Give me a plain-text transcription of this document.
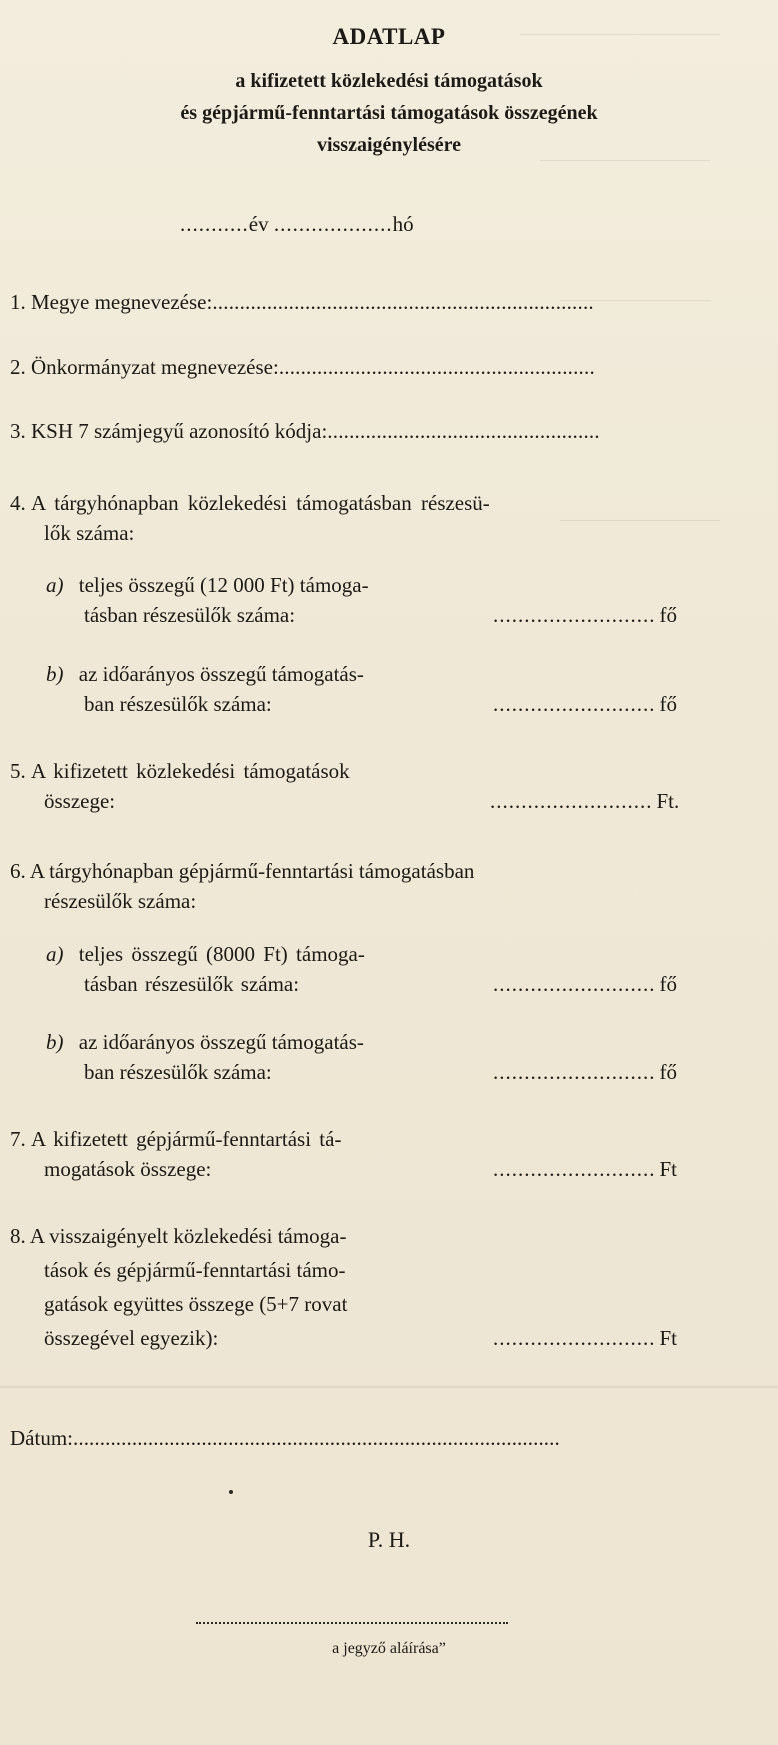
ADATLAP
a kifizetett közlekedési támogatások
és gépjármű-fenntartási támogatások összegének
visszaigénylésére
...........év ...................hó
1. Megye megnevezése:......................................................................
2. Önkormányzat megnevezése:..........................................................
3. KSH 7 számjegyű azonosító kódja:..................................................
4. A tárgyhónapban közlekedési támogatásban részesü-
lők száma:
a) teljes összegű (12 000 Ft) támoga-
tásban részesülők száma:	.......................... fő
b) az időarányos összegű támogatás-
ban részesülők száma:	.......................... fő
5. A kifizetett közlekedési támogatások
összege:	.......................... Ft.
6. A tárgyhónapban gépjármű-fenntartási támogatásban
részesülők száma:
a) teljes összegű (8000 Ft) támoga-
tásban részesülők száma:	.......................... fő
b) az időarányos összegű támogatás-
ban részesülők száma:	.......................... fő
7. A kifizetett gépjármű-fenntartási tá-
mogatások összege:	.......................... Ft
8. A visszaigényelt közlekedési támoga-
tások és gépjármű-fenntartási támo-
gatások együttes összege (5+7 rovat
összegével egyezik):	.......................... Ft
Dátum:...........................................................................................
P. H.
a jegyző aláírása”
